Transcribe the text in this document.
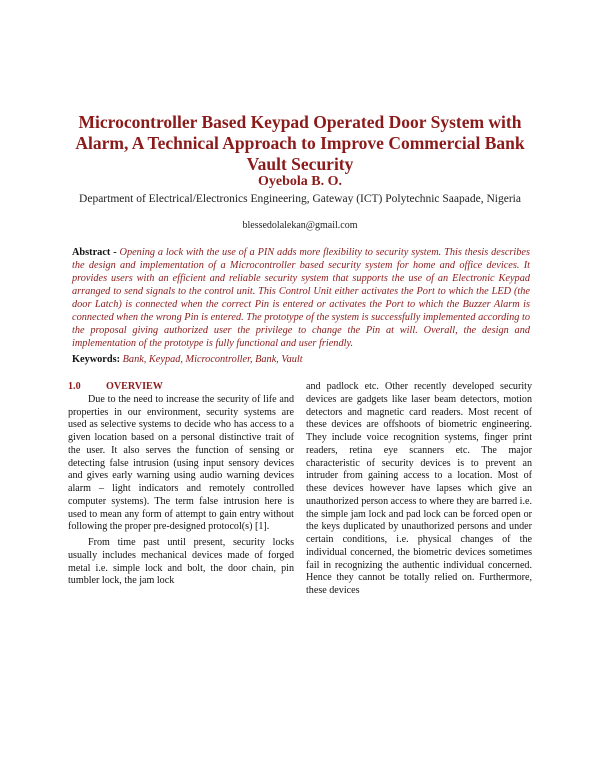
Microcontroller Based Keypad Operated Door System with Alarm, A Technical Approach to Improve Commercial Bank Vault Security
Oyebola B. O.
Department of Electrical/Electronics Engineering, Gateway (ICT) Polytechnic Saapade, Nigeria
blessedolalekan@gmail.com

Abstract - Opening a lock with the use of a PIN adds more flexibility to security system. This thesis describes the design and implementation of a Microcontroller based security system for home and office devices. It provides users with an efficient and reliable security system that supports the use of an Electronic Keypad arranged to send signals to the control unit. This Control Unit either activates the Port to which the LED (the door Latch) is connected when the correct Pin is entered or activates the Port to which the Buzzer Alarm is connected when the wrong Pin is entered. The prototype of the system is successfully implemented according to the proposal giving authorized user the privilege to change the Pin at will. Overall, the design and implementation of the prototype is fully functional and user friendly.

Keywords: Bank, Keypad, Microcontroller, Bank, Vault

1.0	OVERVIEW

Due to the need to increase the security of life and properties in our environment, security systems are used as selective systems to decide who has access to a given location based on a personal distinctive trait of the user. It also serves the function of sensing or detecting false intrusion (using input sensory devices and gives early warning using audio warning devices alarm – light indicators and remotely controlled computer systems). The term false intrusion here is used to mean any form of attempt to gain entry without following the proper pre-designed protocol(s) [1].

From time past until present, security locks usually includes mechanical devices made of forged metal i.e. simple lock and bolt, the door chain, pin tumbler lock, the jam lock

and padlock etc. Other recently developed security devices are gadgets like laser beam detectors, motion detectors and magnetic card readers. Most recent of these devices are offshoots of biometric engineering. They include voice recognition systems, finger print readers, retina eye scanners etc. The major characteristic of security devices is to prevent an intruder from gaining access to a location. Most of these devices however have lapses which give an unauthorized person access to where they are barred i.e. the simple jam lock and pad lock can be forced open or the keys duplicated by unauthorized persons and under certain conditions, i.e. physical changes of the individual concerned, the biometric devices sometimes fail in recognizing the authentic individual concerned. Hence they cannot be totally relied on. Furthermore, these devices
